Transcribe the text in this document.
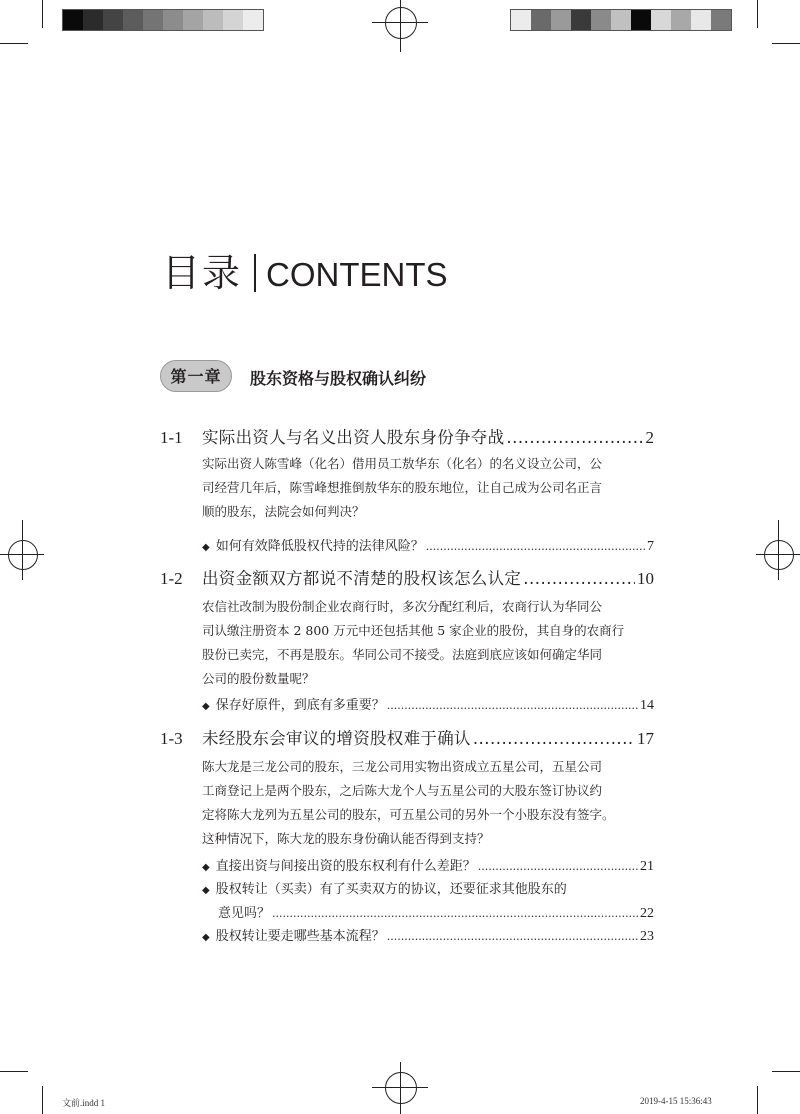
目录 CONTENTS
第一章	股东资格与股权确认纠纷
1-1	实际出资人与名义出资人股东身份争夺战 .....	2
实际出资人陈雪峰（化名）借用员工敖华东（化名）的名义设立公司，公
司经营几年后，陈雪峰想推倒敖华东的股东地位，让自己成为公司名正言
顺的股东，法院会如何判决？
◆ 如何有效降低股权代持的法律风险？ .....	7
1-2	出资金额双方都说不清楚的股权该怎么认定 .....	10
农信社改制为股份制企业农商行时，多次分配红利后，农商行认为华同公
司认缴注册资本 2 800 万元中还包括其他 5 家企业的股份，其自身的农商行
股份已卖完，不再是股东。华同公司不接受。法庭到底应该如何确定华同
公司的股份数量呢？
◆ 保存好原件，到底有多重要？ .....	14
1-3	未经股东会审议的增资股权难于确认 .....	17
陈大龙是三龙公司的股东，三龙公司用实物出资成立五星公司，五星公司
工商登记上是两个股东，之后陈大龙个人与五星公司的大股东签订协议约
定将陈大龙列为五星公司的股东，可五星公司的另外一个小股东没有签字。
这种情况下，陈大龙的股东身份确认能否得到支持？
◆ 直接出资与间接出资的股东权利有什么差距？ .....	21
◆ 股权转让（买卖）有了买卖双方的协议，还要征求其他股东的
意见吗？ .....	22
◆ 股权转让要走哪些基本流程？ .....	23
文前.indd 1	2019-4-15 15:36:43
